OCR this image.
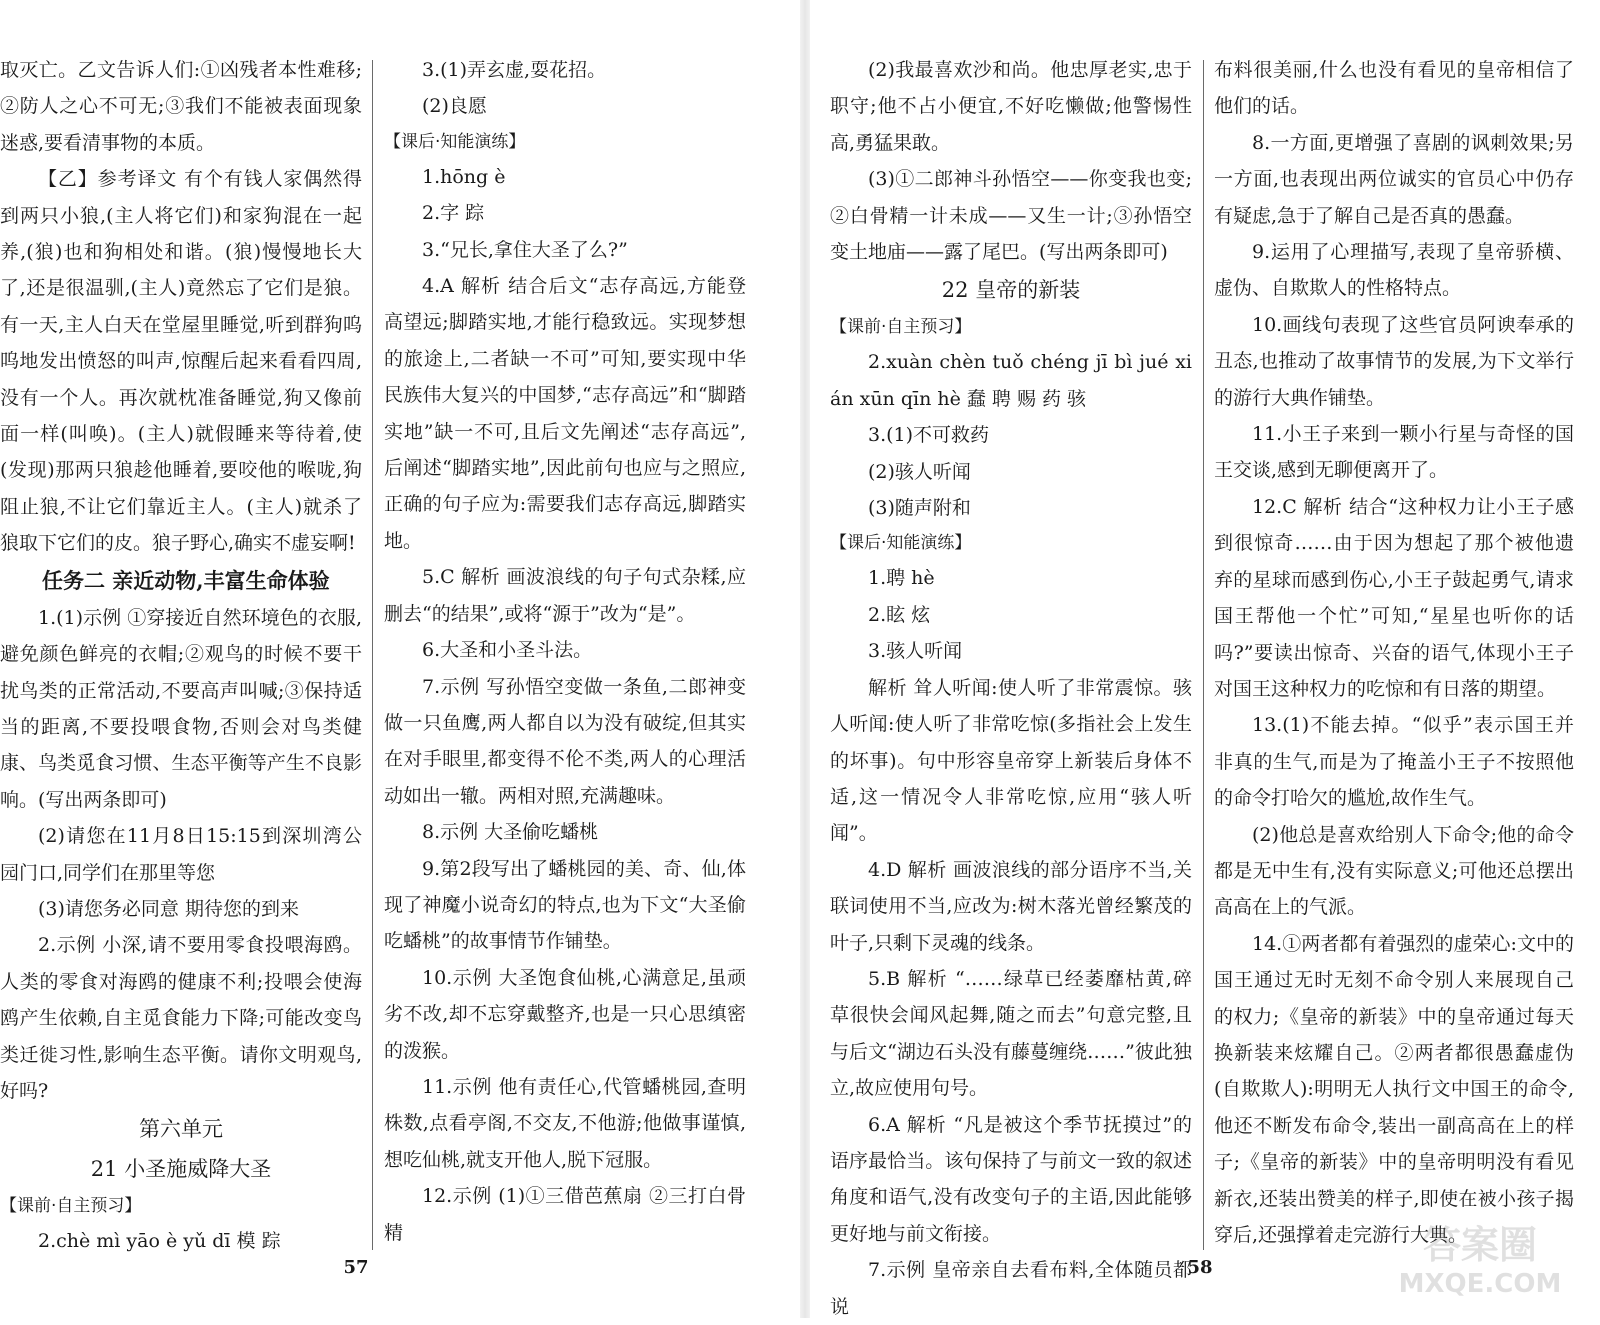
取灭亡。乙文告诉人们:①凶残者本性难移;②防人之心不可无;③我们不能被表面现象迷惑,要看清事物的本质。

【乙】参考译文 有个有钱人家偶然得到两只小狼,(主人将它们)和家狗混在一起养,(狼)也和狗相处和谐。(狼)慢慢地长大了,还是很温驯,(主人)竟然忘了它们是狼。有一天,主人白天在堂屋里睡觉,听到群狗呜呜地发出愤怒的叫声,惊醒后起来看看四周,没有一个人。再次就枕准备睡觉,狗又像前面一样(叫唤)。(主人)就假睡来等待着,使(发现)那两只狼趁他睡着,要咬他的喉咙,狗阻止狼,不让它们靠近主人。(主人)就杀了狼取下它们的皮。狼子野心,确实不虚妄啊!

任务二 亲近动物,丰富生命体验

1.(1)示例 ①穿接近自然环境色的衣服,避免颜色鲜亮的衣帽;②观鸟的时候不要干扰鸟类的正常活动,不要高声叫喊;③保持适当的距离,不要投喂食物,否则会对鸟类健康、鸟类觅食习惯、生态平衡等产生不良影响。(写出两条即可)

(2)请您在11月8日15:15到深圳湾公园门口,同学们在那里等您

(3)请您务必同意 期待您的到来

2.示例 小深,请不要用零食投喂海鸥。人类的零食对海鸥的健康不利;投喂会使海鸥产生依赖,自主觅食能力下降;可能改变鸟类迁徙习性,影响生态平衡。请你文明观鸟,好吗?

第六单元

21 小圣施威降大圣

【课前·自主预习】

2.chè mì yāo è yǔ dī 模 踪

3.(1)弄玄虚,耍花招。

(2)良愿

【课后·知能演练】

1.hōng è

2.字 踪

3.“兄长,拿住大圣了么?”

4.A 解析 结合后文“志存高远,方能登高望远;脚踏实地,才能行稳致远。实现梦想的旅途上,二者缺一不可”可知,要实现中华民族伟大复兴的中国梦,“志存高远”和“脚踏实地”缺一不可,且后文先阐述“志存高远”,后阐述“脚踏实地”,因此前句也应与之照应,正确的句子应为:需要我们志存高远,脚踏实地。

5.C 解析 画波浪线的句子句式杂糅,应删去“的结果”,或将“源于”改为“是”。

6.大圣和小圣斗法。

7.示例 写孙悟空变做一条鱼,二郎神变做一只鱼鹰,两人都自以为没有破绽,但其实在对手眼里,都变得不伦不类,两人的心理活动如出一辙。两相对照,充满趣味。

8.示例 大圣偷吃蟠桃

9.第2段写出了蟠桃园的美、奇、仙,体现了神魔小说奇幻的特点,也为下文“大圣偷吃蟠桃”的故事情节作铺垫。

10.示例 大圣饱食仙桃,心满意足,虽顽劣不改,却不忘穿戴整齐,也是一只心思缜密的泼猴。

11.示例 他有责任心,代管蟠桃园,查明株数,点看亭阁,不交友,不他游;他做事谨慎,想吃仙桃,就支开他人,脱下冠服。

12.示例 (1)①三借芭蕉扇 ②三打白骨精

57

(2)我最喜欢沙和尚。他忠厚老实,忠于职守;他不占小便宜,不好吃懒做;他警惕性高,勇猛果敢。

(3)①二郎神斗孙悟空——你变我也变;②白骨精一计未成——又生一计;③孙悟空变土地庙——露了尾巴。(写出两条即可)

22 皇帝的新装

【课前·自主预习】

2.xuàn chèn tuǒ chéng jī bì jué xián xūn qīn hè 蠢 聘 赐 药 骇

3.(1)不可救药

(2)骇人听闻

(3)随声附和

【课后·知能演练】

1.聘 hè

2.眩 炫

3.骇人听闻

解析 耸人听闻:使人听了非常震惊。骇人听闻:使人听了非常吃惊(多指社会上发生的坏事)。句中形容皇帝穿上新装后身体不适,这一情况令人非常吃惊,应用“骇人听闻”。

4.D 解析 画波浪线的部分语序不当,关联词使用不当,应改为:树木落光曾经繁茂的叶子,只剩下灵魂的线条。

5.B 解析 “……绿草已经萎靡枯黄,碎草很快会闻风起舞,随之而去”句意完整,且与后文“湖边石头没有藤蔓缠绕……”彼此独立,故应使用句号。

6.A 解析 “凡是被这个季节抚摸过”的语序最恰当。该句保持了与前文一致的叙述角度和语气,没有改变句子的主语,因此能够更好地与前文衔接。

7.示例 皇帝亲自去看布料,全体随员都说

布料很美丽,什么也没有看见的皇帝相信了他们的话。

8.一方面,更增强了喜剧的讽刺效果;另一方面,也表现出两位诚实的官员心中仍存有疑虑,急于了解自己是否真的愚蠢。

9.运用了心理描写,表现了皇帝骄横、虚伪、自欺欺人的性格特点。

10.画线句表现了这些官员阿谀奉承的丑态,也推动了故事情节的发展,为下文举行的游行大典作铺垫。

11.小王子来到一颗小行星与奇怪的国王交谈,感到无聊便离开了。

12.C 解析 结合“这种权力让小王子感到很惊奇……由于因为想起了那个被他遗弃的星球而感到伤心,小王子鼓起勇气,请求国王帮他一个忙”可知,“星星也听你的话吗?”要读出惊奇、兴奋的语气,体现小王子对国王这种权力的吃惊和有日落的期望。

13.(1)不能去掉。“似乎”表示国王并非真的生气,而是为了掩盖小王子不按照他的命令打哈欠的尴尬,故作生气。

(2)他总是喜欢给别人下命令;他的命令都是无中生有,没有实际意义;可他还总摆出高高在上的气派。

14.①两者都有着强烈的虚荣心:文中的国王通过无时无刻不命令别人来展现自己的权力;《皇帝的新装》中的皇帝通过每天换新装来炫耀自己。②两者都很愚蠢虚伪(自欺欺人):明明无人执行文中国王的命令,他还不断发布命令,装出一副高高在上的样子;《皇帝的新装》中的皇帝明明没有看见新衣,还装出赞美的样子,即使在被小孩子揭穿后,还强撑着走完游行大典。

58
答案圈
MXQE.COM
